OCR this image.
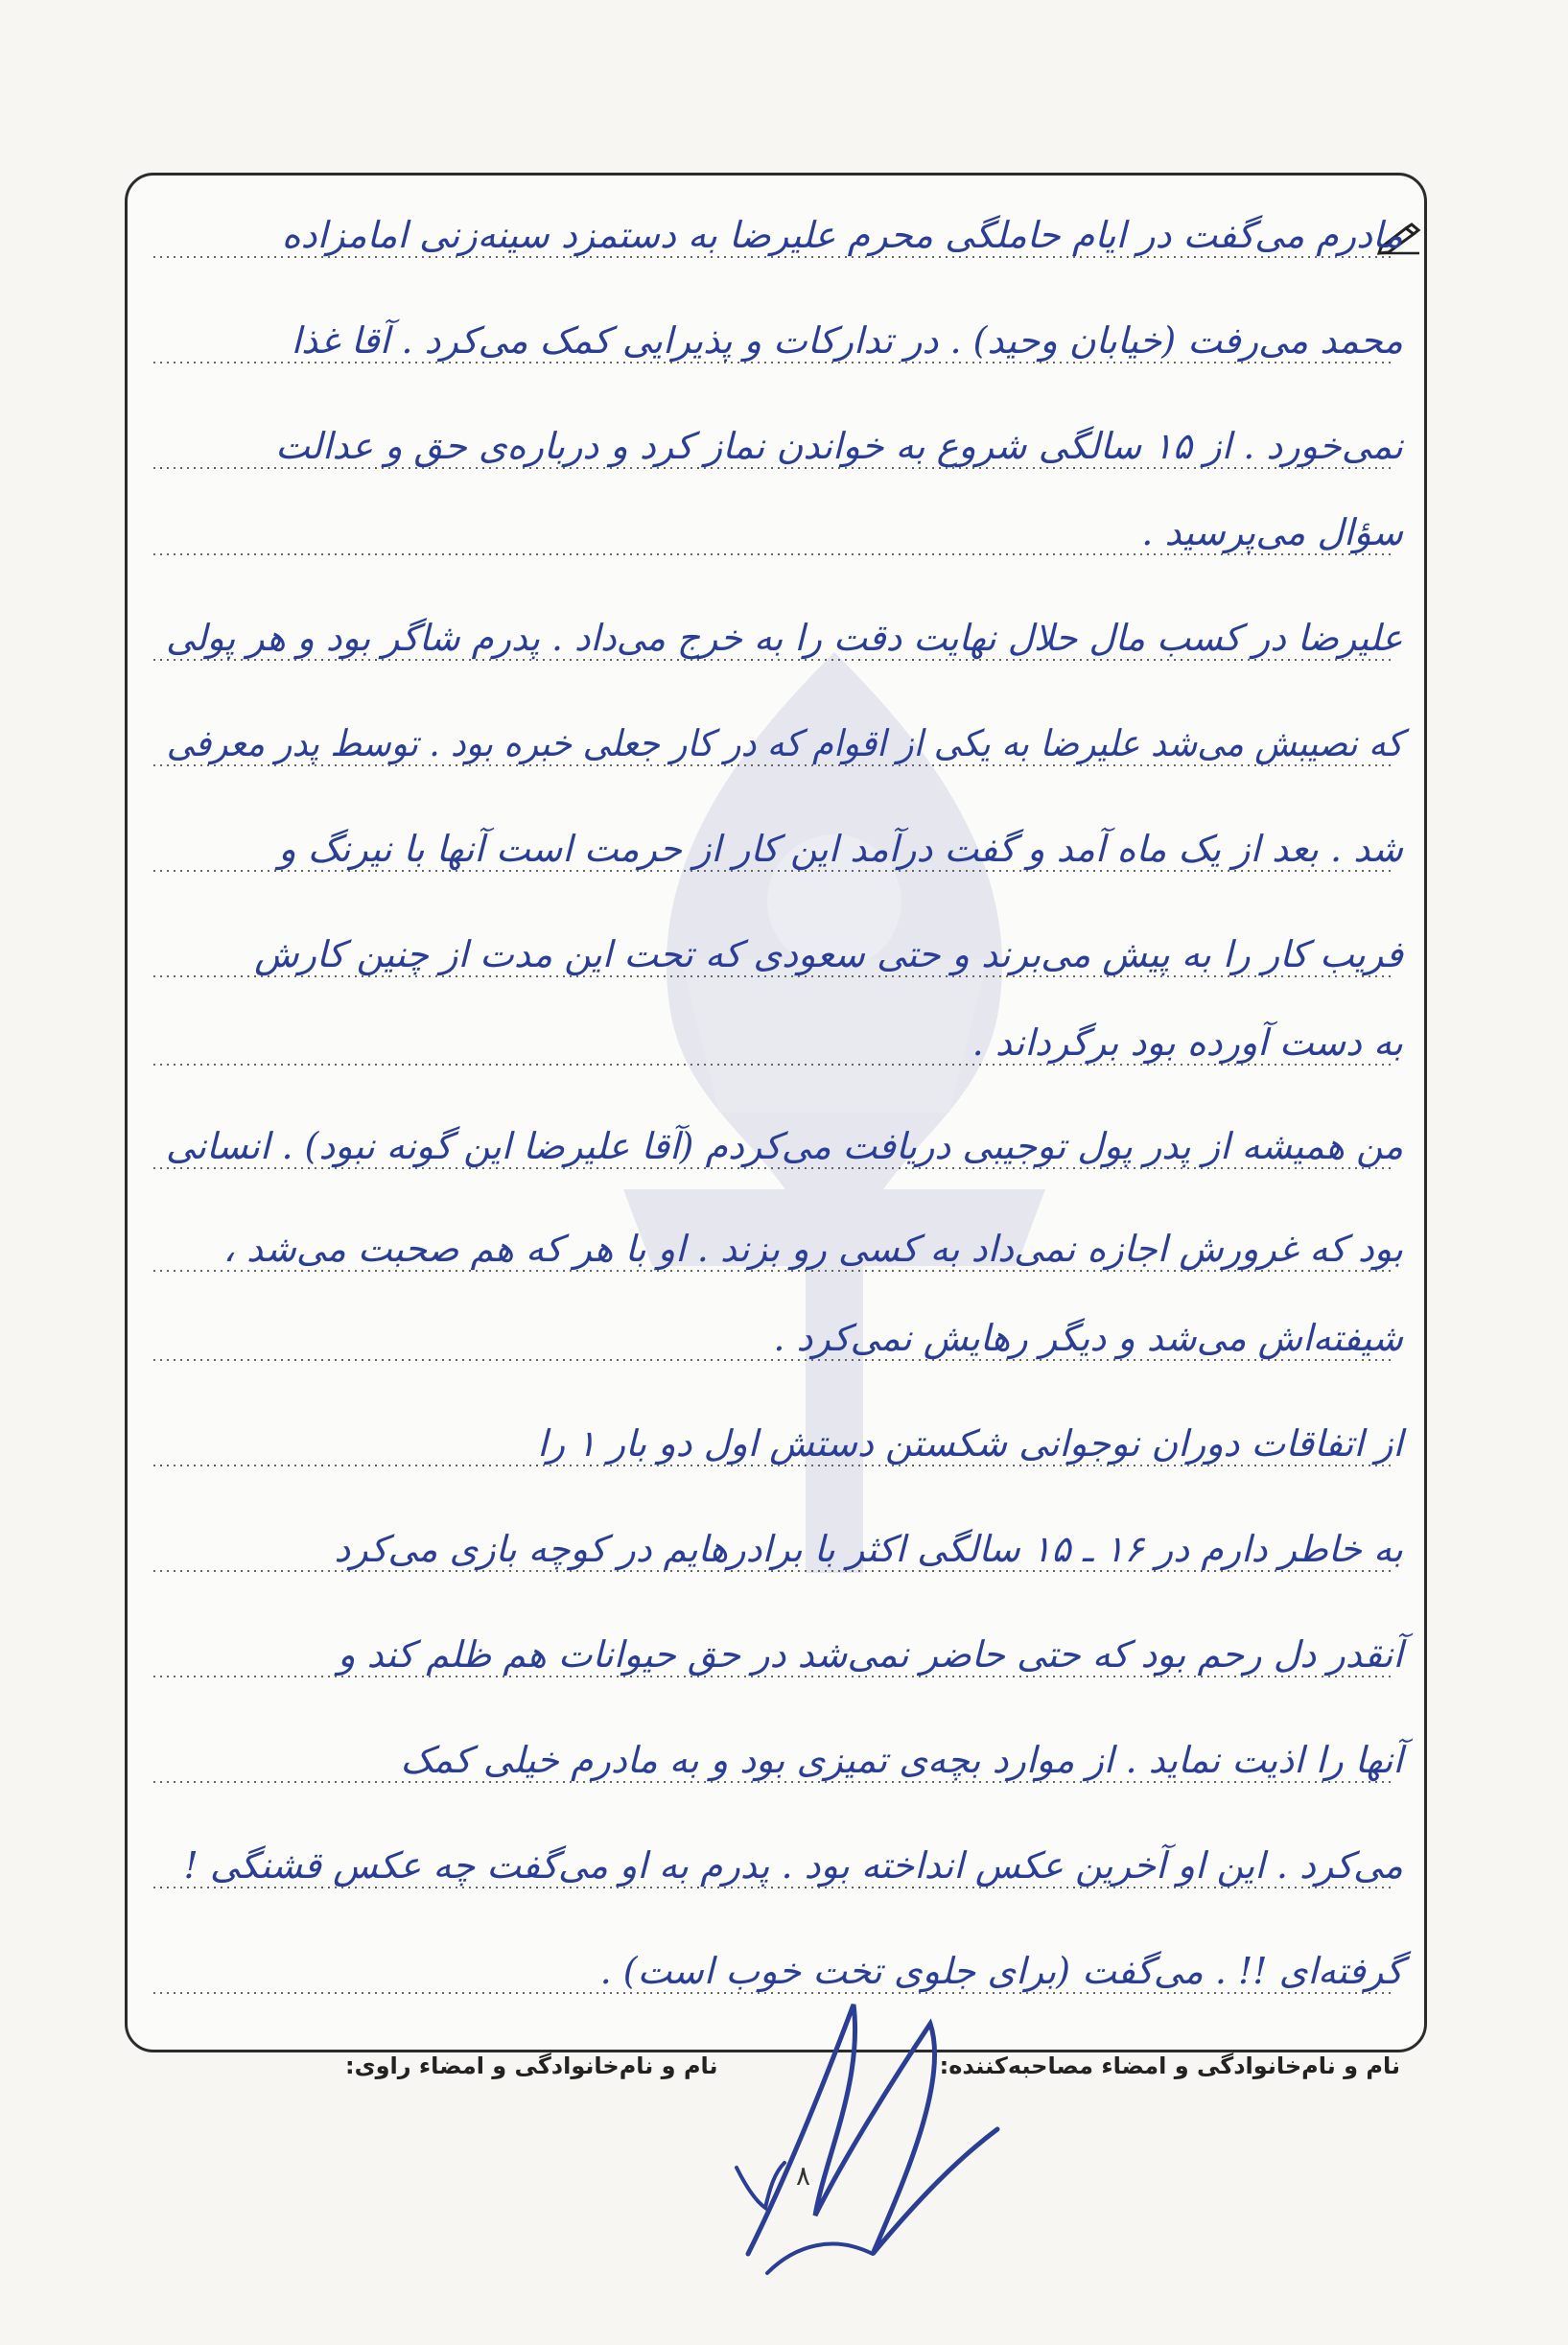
مادرم می‌گفت در ایام حاملگی محرم علیرضا به دستمزد سینه‌زنی امامزاده
محمد می‌رفت (خیابان وحید) . در تدارکات و پذیرایی کمک می‌کرد . آقا غذا
نمی‌خورد . از ۱۵ سالگی شروع به خواندن نماز کرد و درباره‌ی حق و عدالت
سؤال می‌پرسید .
علیرضا در کسب مال حلال نهایت دقت را به خرج می‌داد . پدرم شاگر بود و هر پولی
که نصیبش می‌شد علیرضا به یکی از اقوام که در کار جعلی خبره بود . توسط پدر معرفی
شد . بعد از یک ماه آمد و گفت درآمد این کار از حرمت است آنها با نیرنگ و
فریب کار را به پیش می‌برند و حتی سعودی که تحت این مدت از چنین کارش
به دست آورده بود برگرداند .
من همیشه از پدر پول توجیبی دریافت می‌کردم (آقا علیرضا این گونه نبود) . انسانی
بود که غرورش اجازه نمی‌داد به کسی رو بزند . او با هر که هم صحبت می‌شد ،
شیفته‌اش می‌شد و دیگر رهایش نمی‌کرد .
از اتفاقات دوران نوجوانی شکستن دستش اول دو بار ۱ را
به خاطر دارم در ۱۶ ـ ۱۵ سالگی اکثر با برادرهایم در کوچه بازی می‌کرد
آنقدر دل رحم بود که حتی حاضر نمی‌شد در حق حیوانات هم ظلم کند و
آنها را اذیت نماید . از موارد بچه‌ی تمیزی بود و به مادرم خیلی کمک
می‌کرد . این او آخرین عکس انداخته بود . پدرم به او می‌گفت چه عکس قشنگی !
گرفته‌ای !! . می‌گفت (برای جلوی تخت خوب است) .
نام و نام‌خانوادگی و امضاء مصاحبه‌کننده:
نام و نام‌خانوادگی و امضاء راوی:
۸
